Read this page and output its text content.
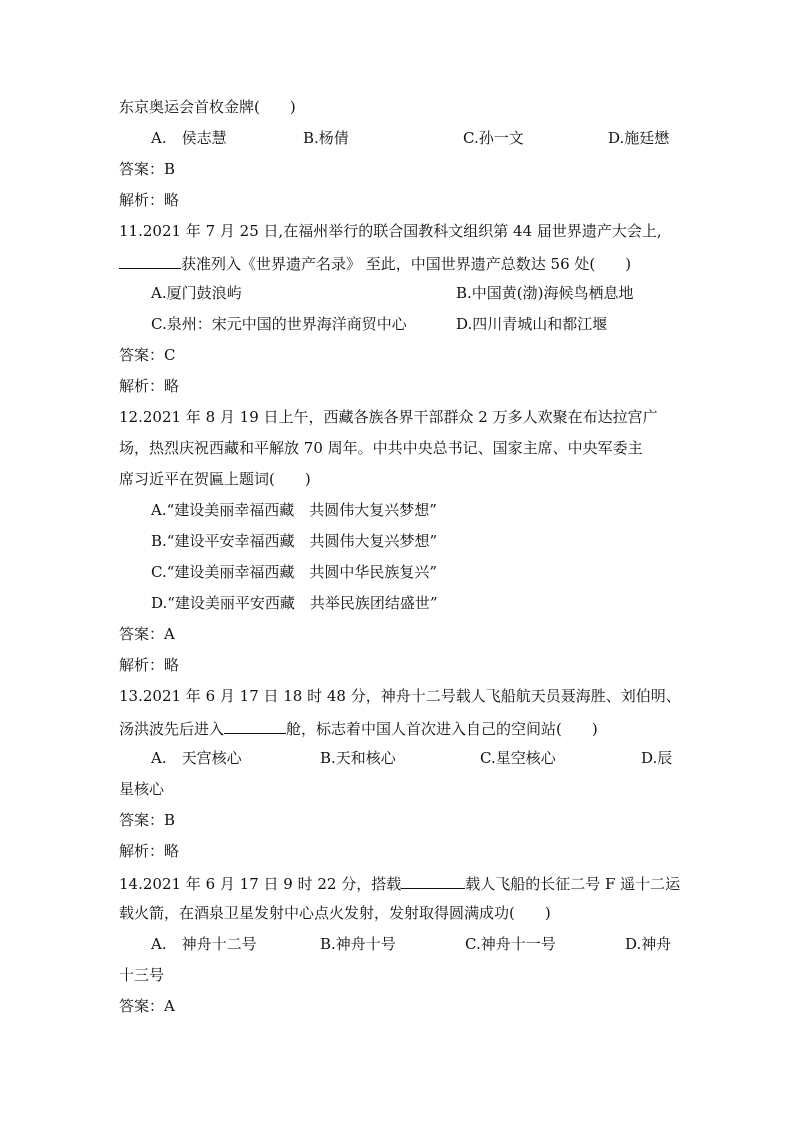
东京奥运会首枚金牌(　　)
A.　侯志慧	B.杨倩	C.孙一文	D.施廷懋
答案：B
解析：略
11.2021 年 7 月 25 日,在福州举行的联合国教科文组织第 44 届世界遗产大会上,
获准列入《世界遗产名录》 至此，中国世界遗产总数达 56 处(　　)
A.厦门鼓浪屿	B.中国黄(渤)海候鸟栖息地
C.泉州：宋元中国的世界海洋商贸中心	D.四川青城山和都江堰
答案：C
解析：略
12.2021 年 8 月 19 日上午，西藏各族各界干部群众 2 万多人欢聚在布达拉宫广
场，热烈庆祝西藏和平解放 70 周年。中共中央总书记、国家主席、中央军委主
席习近平在贺匾上题词(　　)
A.“建设美丽幸福西藏　共圆伟大复兴梦想”
B.“建设平安幸福西藏　共圆伟大复兴梦想”
C.“建设美丽幸福西藏　共圆中华民族复兴”
D.“建设美丽平安西藏　共举民族团结盛世”
答案：A
解析：略
13.2021 年 6 月 17 日 18 时 48 分，神舟十二号载人飞船航天员聂海胜、刘伯明、
汤洪波先后进入	舱，标志着中国人首次进入自己的空间站(　　)
A.　天宫核心	B.天和核心	C.星空核心	D.辰
星核心
答案：B
解析：略
14.2021 年 6 月 17 日 9 时 22 分，搭载	载人飞船的长征二号 F 遥十二运
载火箭，在酒泉卫星发射中心点火发射，发射取得圆满成功(　　)
A.　神舟十二号	B.神舟十号	C.神舟十一号	D.神舟
十三号
答案：A
